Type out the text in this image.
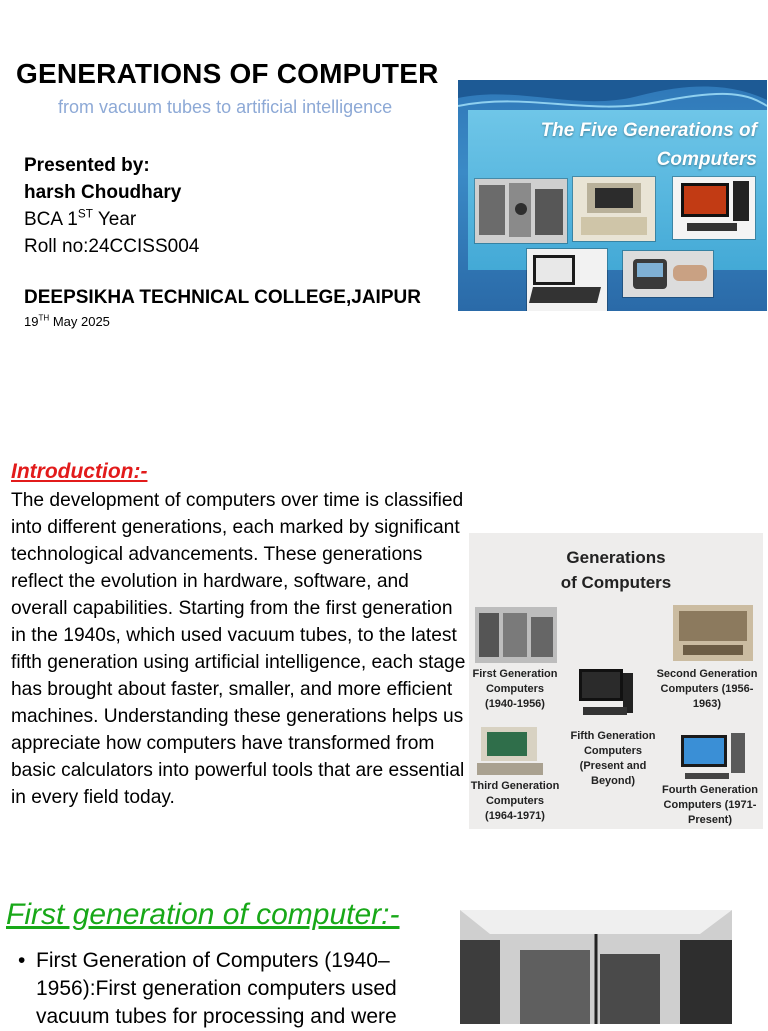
GENERATIONS OF COMPUTER
from vacuum tubes to artificial intelligence
Presented by:
harsh Choudhary
BCA 1ST Year
Roll no:24CCISS004
DEEPSIKHA TECHNICAL COLLEGE,JAIPUR
19TH May 2025
The Five Generations of
Computers
Introduction:-
The development of computers over time is classified into different generations, each marked by significant technological advancements. These generations reflect the evolution in hardware, software, and overall capabilities. Starting from the first generation in the 1940s, which used vacuum tubes, to the latest fifth generation using artificial intelligence, each stage has brought about faster, smaller, and more efficient machines. Understanding these generations helps us appreciate how computers have transformed from basic calculators into powerful tools that are essential in every field today.
Generations
of Computers
First Generation Computers (1940-1956)
Second Generation Computers (1956-1963)
Fifth Generation Computers (Present and Beyond)
Third Generation Computers (1964-1971)
Fourth Generation Computers (1971-Present)
First generation of computer:-
• First Generation of Computers (1940–1956):First generation computers used vacuum tubes for processing and were
